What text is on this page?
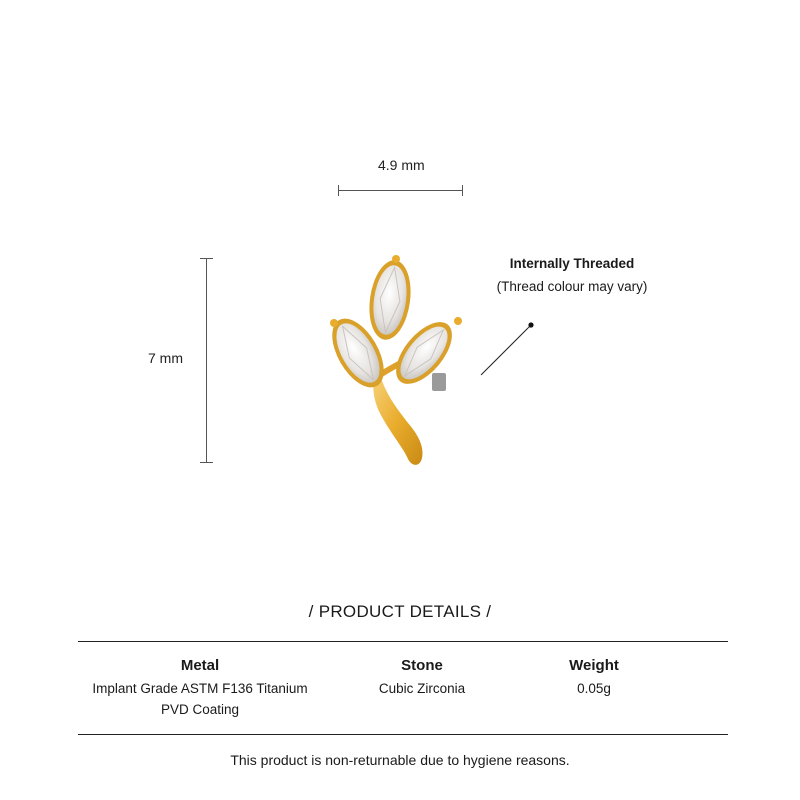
4.9 mm
7 mm
Internally Threaded
(Thread colour may vary)
/ PRODUCT DETAILS /
Metal
Implant Grade ASTM F136 Titanium
PVD Coating
Stone
Cubic Zirconia
Weight
0.05g
This product is non-returnable due to hygiene reasons.
